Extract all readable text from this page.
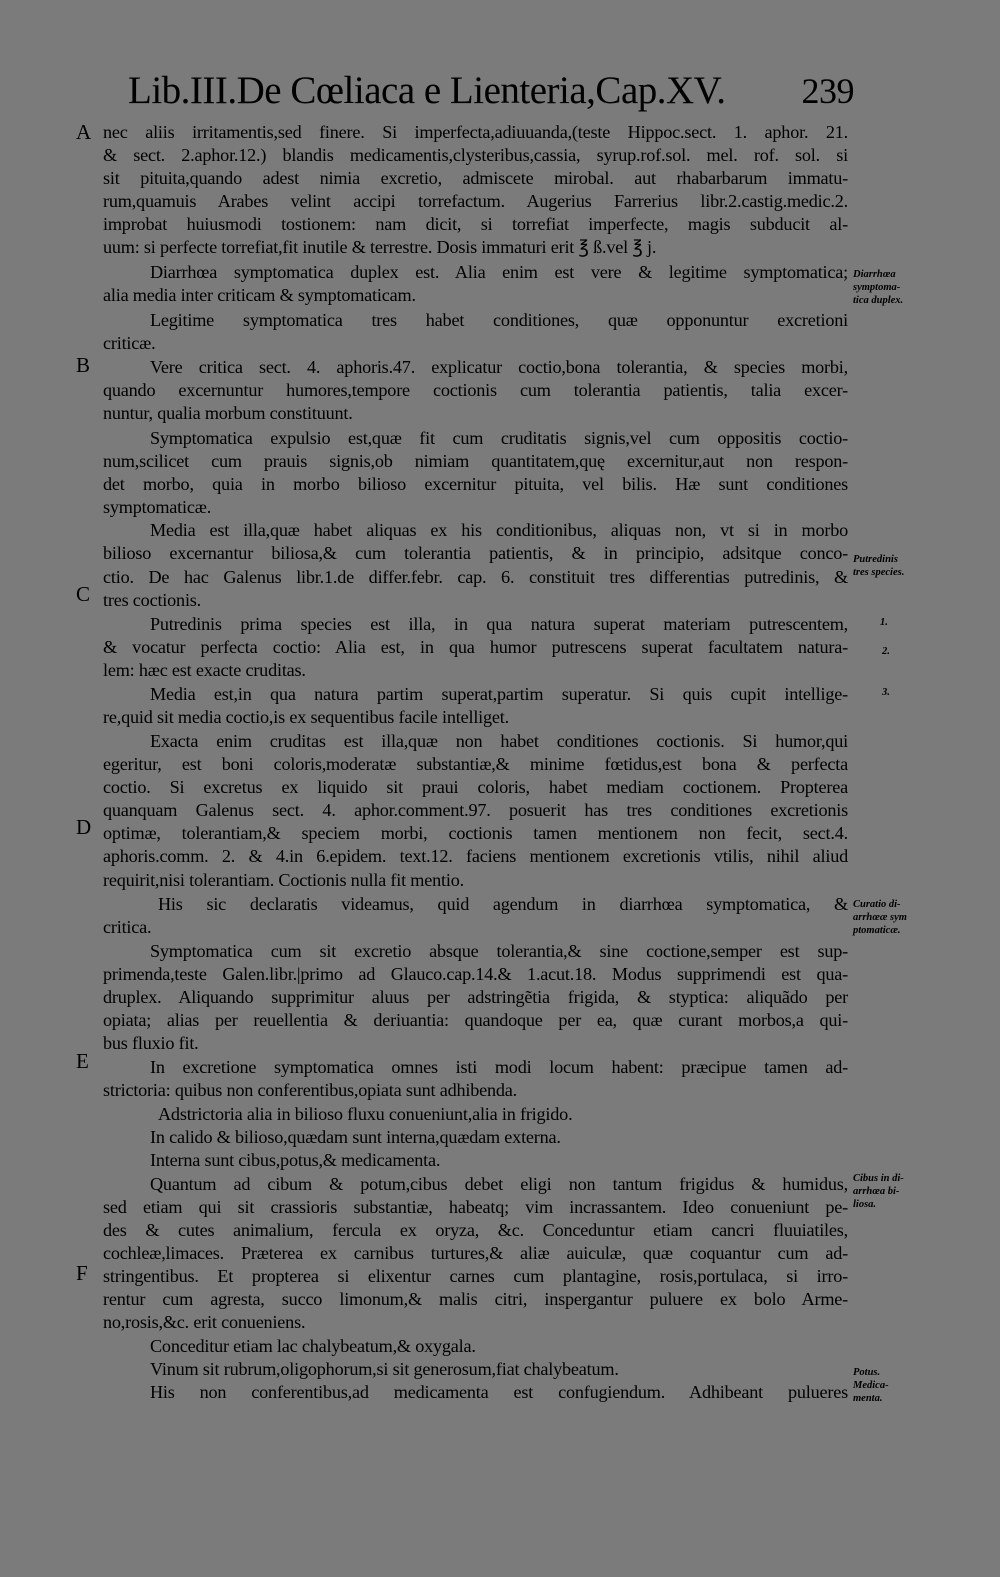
Lib.III.De Cœliaca e Lienteria,Cap.XV. 239
A
B
C
D
E
F
nec aliis irritamentis,sed finere. Si imperfecta,adiuuanda,(teste Hippoc.sect. 1. aphor. 21.
& sect. 2.aphor.12.) blandis medicamentis,clysteribus,cassia, syrup.rof.sol. mel. rof. sol. si
sit pituita,quando adest nimia excretio, admiscete mirobal. aut rhabarbarum immatu-
rum,quamuis Arabes velint accipi torrefactum. Augerius Farrerius libr.2.castig.medic.2.
improbat huiusmodi tostionem: nam dicit, si torrefiat imperfecte, magis subducit al-
uum: si perfecte torrefiat,fit inutile & terrestre. Dosis immaturi erit ℥ ß.vel ℥ j.
Diarrhœa symptomatica duplex est. Alia enim est vere & legitime symptomatica;
alia media inter criticam & symptomaticam.
Legitime symptomatica tres habet conditiones, quæ opponuntur excretioni
criticæ.
Vere critica sect. 4. aphoris.47. explicatur coctio,bona tolerantia, & species morbi,
quando excernuntur humores,tempore coctionis cum tolerantia patientis, talia excer-
nuntur, qualia morbum constituunt.
Symptomatica expulsio est,quæ fit cum cruditatis signis,vel cum oppositis coctio-
num,scilicet cum prauis signis,ob nimiam quantitatem,quę excernitur,aut non respon-
det morbo, quia in morbo bilioso excernitur pituita, vel bilis. Hæ sunt conditiones
symptomaticæ.
Media est illa,quæ habet aliquas ex his conditionibus, aliquas non, vt si in morbo
bilioso excernantur biliosa,& cum tolerantia patientis, & in principio, adsitque conco-
ctio. De hac Galenus libr.1.de differ.febr. cap. 6. constituit tres differentias putredinis, &
tres coctionis.
Putredinis prima species est illa, in qua natura superat materiam putrescentem,
& vocatur perfecta coctio: Alia est, in qua humor putrescens superat facultatem natura-
lem: hæc est exacte cruditas.
Media est,in qua natura partim superat,partim superatur. Si quis cupit intellige-
re,quid sit media coctio,is ex sequentibus facile intelliget.
Exacta enim cruditas est illa,quæ non habet conditiones coctionis. Si humor,qui
egeritur, est boni coloris,moderatæ substantiæ,& minime fœtidus,est bona & perfecta
coctio. Si excretus ex liquido sit praui coloris, habet mediam coctionem. Propterea
quanquam Galenus sect. 4. aphor.comment.97. posuerit has tres conditiones excretionis
optimæ, tolerantiam,& speciem morbi, coctionis tamen mentionem non fecit, sect.4.
aphoris.comm. 2. & 4.in 6.epidem. text.12. faciens mentionem excretionis vtilis, nihil aliud
requirit,nisi tolerantiam. Coctionis nulla fit mentio.
His sic declaratis videamus, quid agendum in diarrhœa symptomatica, &
critica.
Symptomatica cum sit excretio absque tolerantia,& sine coctione,semper est sup-
primenda,teste Galen.libr.|primo ad Glauco.cap.14.& 1.acut.18. Modus supprimendi est qua-
druplex. Aliquando supprimitur aluus per adstringẽtia frigida, & styptica: aliquãdo per
opiata; alias per reuellentia & deriuantia: quandoque per ea, quæ curant morbos,a qui-
bus fluxio fit.
In excretione symptomatica omnes isti modi locum habent: præcipue tamen ad-
strictoria: quibus non conferentibus,opiata sunt adhibenda.
Adstrictoria alia in bilioso fluxu conueniunt,alia in frigido.
In calido & bilioso,quædam sunt interna,quædam externa.
Interna sunt cibus,potus,& medicamenta.
Quantum ad cibum & potum,cibus debet eligi non tantum frigidus & humidus,
sed etiam qui sit crassioris substantiæ, habeatq; vim incrassantem. Ideo conueniunt pe-
des & cutes animalium, fercula ex oryza, &c. Conceduntur etiam cancri fluuiatiles,
cochleæ,limaces. Præterea ex carnibus turtures,& aliæ auiculæ, quæ coquantur cum ad-
stringentibus. Et propterea si elixentur carnes cum plantagine, rosis,portulaca, si irro-
rentur cum agresta, succo limonum,& malis citri, inspergantur puluere ex bolo Arme-
no,rosis,&c. erit conueniens.
Conceditur etiam lac chalybeatum,& oxygala.
Vinum sit rubrum,oligophorum,si sit generosum,fiat chalybeatum.
His non conferentibus,ad medicamenta est confugiendum. Adhibeant pulueres
Diarrhœa
symptoma-
tica duplex.
Putredinis
tres species.
1.
2.
3.
Curatio di-
arrhœæ sym
ptomaticæ.
Cibus in di-
arrhœa bi-
liosa.
Potus.
Medica-
menta.
